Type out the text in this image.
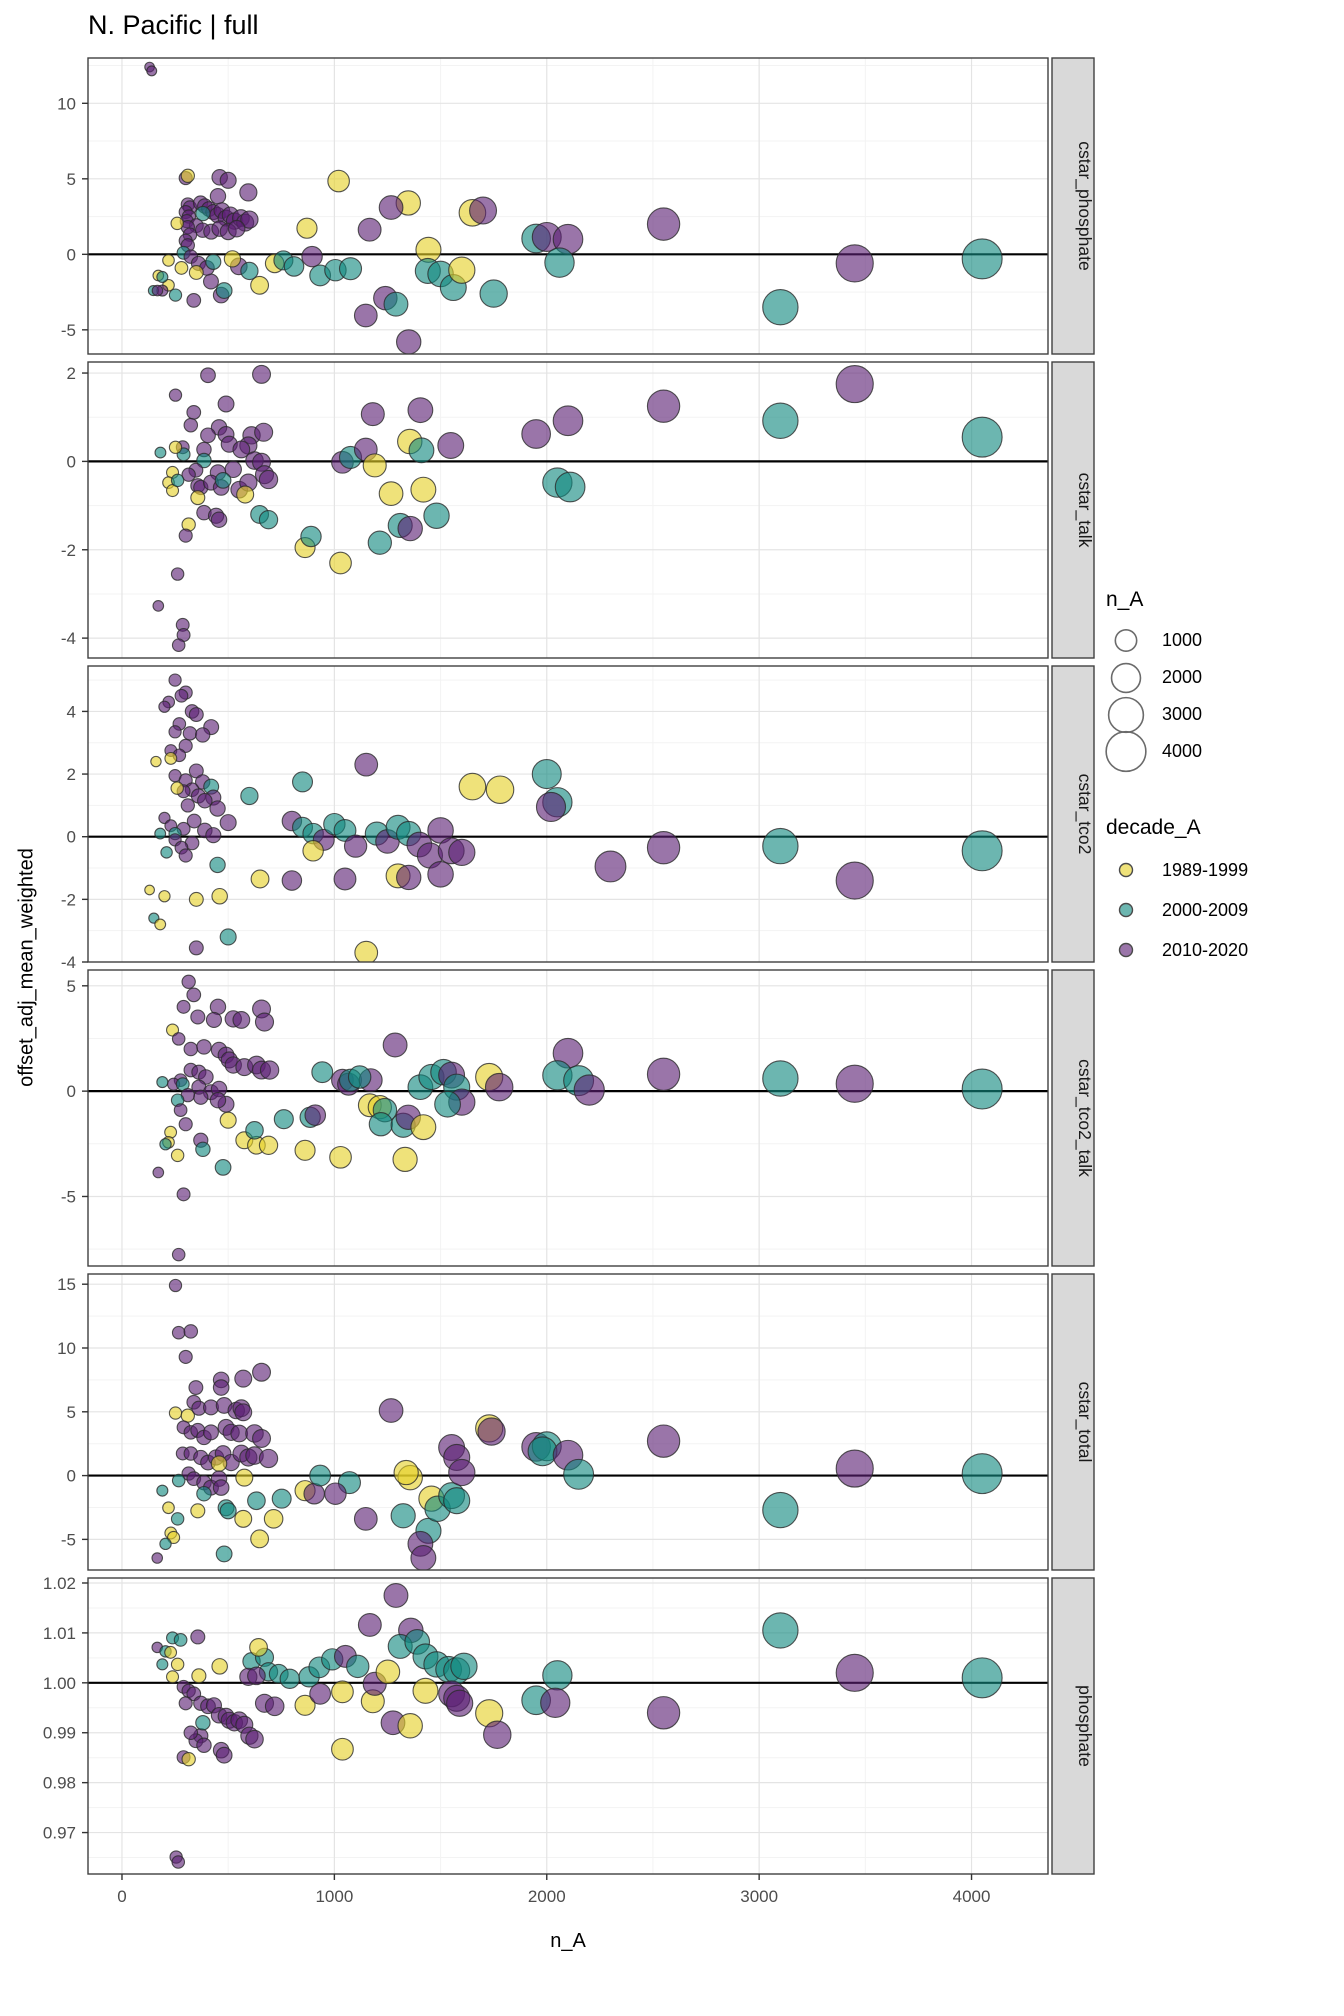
N. Pacific | full
offset_adj_mean_weighted
-5
0
5
10
cstar_phosphate
-4
-2
0
2
cstar_talk
-4
-2
0
2
4
cstar_tco2
-5
0
5
cstar_tco2_talk
-5
0
5
10
15
cstar_total
0.97
0.98
0.99
1.00
1.01
1.02
phosphate
0	1000	2000	3000	4000
n_A
n_A
1000
2000
3000
4000
decade_A
1989-1999
2000-2009
2010-2020
